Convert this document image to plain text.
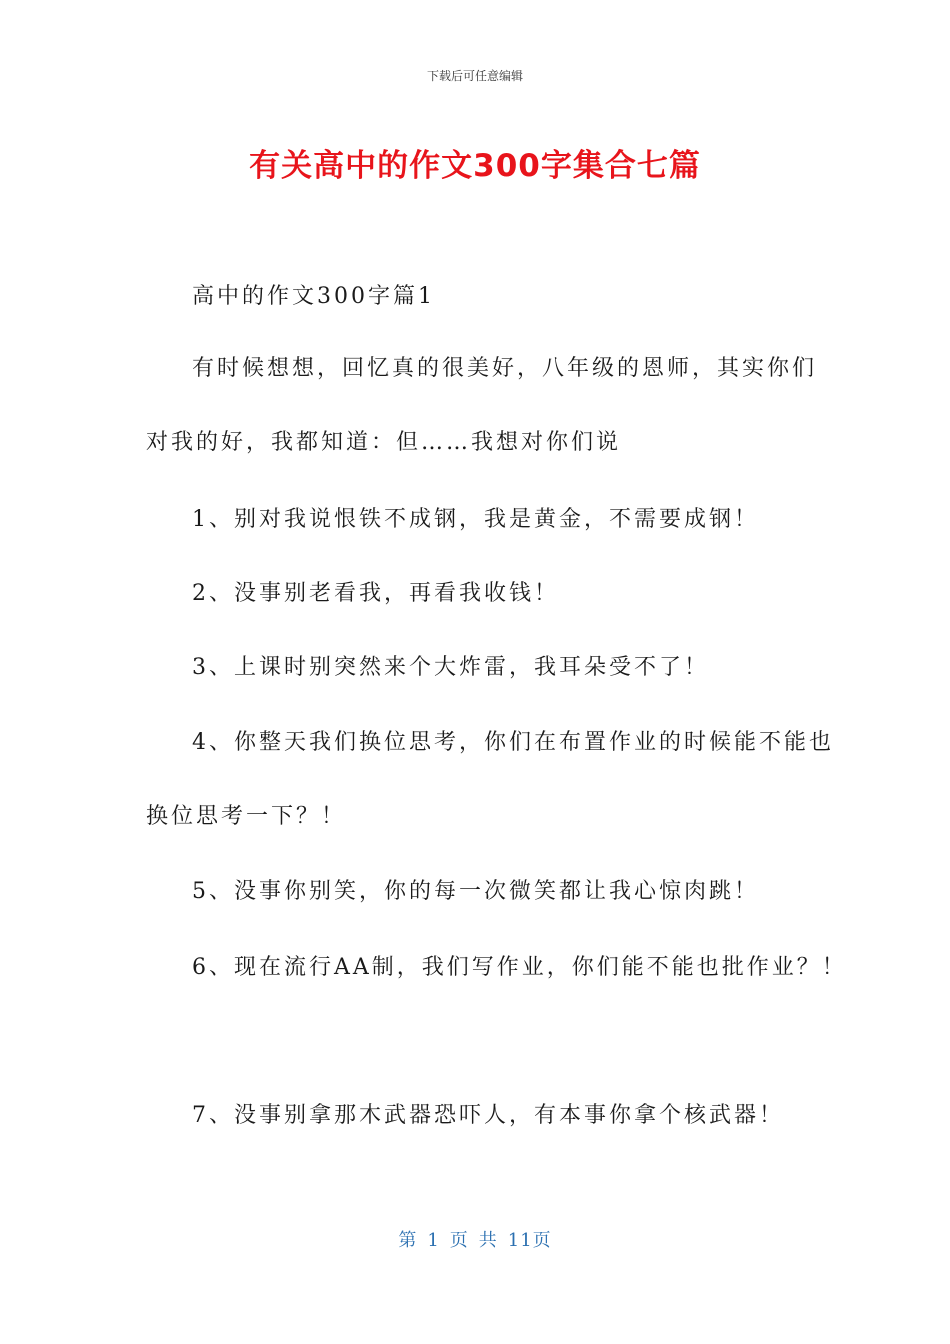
下载后可任意编辑
有关高中的作文300字集合七篇
高中的作文300字篇1
有时候想想，回忆真的很美好，八年级的恩师，其实你们
对我的好，我都知道：但……我想对你们说
1、别对我说恨铁不成钢，我是黄金，不需要成钢！
2、没事别老看我，再看我收钱！
3、上课时别突然来个大炸雷，我耳朵受不了！
4、你整天我们换位思考，你们在布置作业的时候能不能也
换位思考一下？！
5、没事你别笑，你的每一次微笑都让我心惊肉跳！
6、现在流行AA制，我们写作业，你们能不能也批作业？！
7、没事别拿那木武器恐吓人，有本事你拿个核武器！
第 1 页 共 11页
